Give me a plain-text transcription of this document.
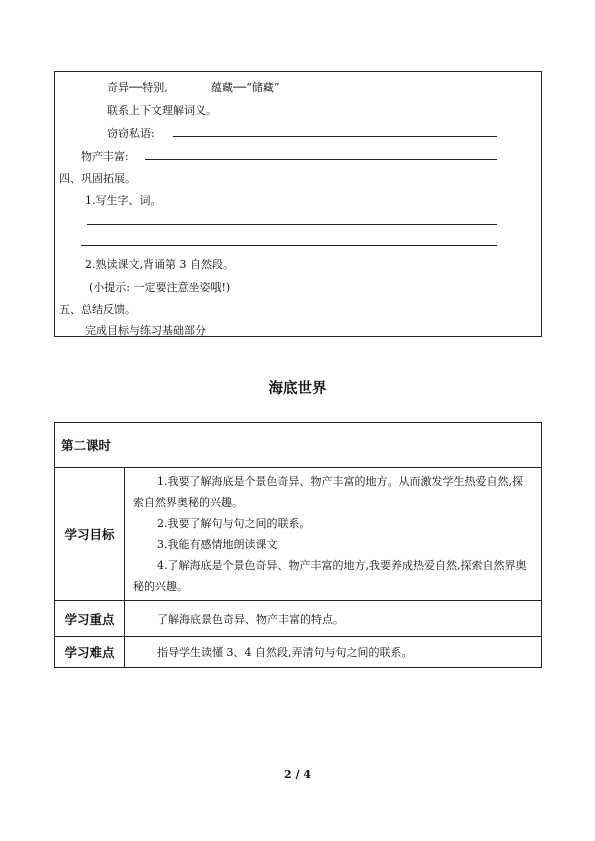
奇异──特别,	蕴藏──“储藏”
联系上下文理解词义。
窃窃私语:
物产丰富:
四、巩固拓展。
1.写生字、词。
2.熟读课文,背诵第 3 自然段。
(小提示: 一定要注意坐姿哦!)
五、总结反馈。
完成目标与练习基础部分
海底世界
第二课时	
学习目标	1.我要了解海底是个景色奇异、物产丰富的地方。从而激发学生热爱自然,探索自然界奥秘的兴趣。

2.我要了解句与句之间的联系。

3.我能有感情地朗读课文

4.了解海底是个景色奇异、物产丰富的地方,我要养成热爱自然,探索自然界奥秘的兴趣。

学习重点	了解海底景色奇异、物产丰富的特点。
学习难点	指导学生读懂 3、4 自然段,弄清句与句之间的联系。
2 / 4
